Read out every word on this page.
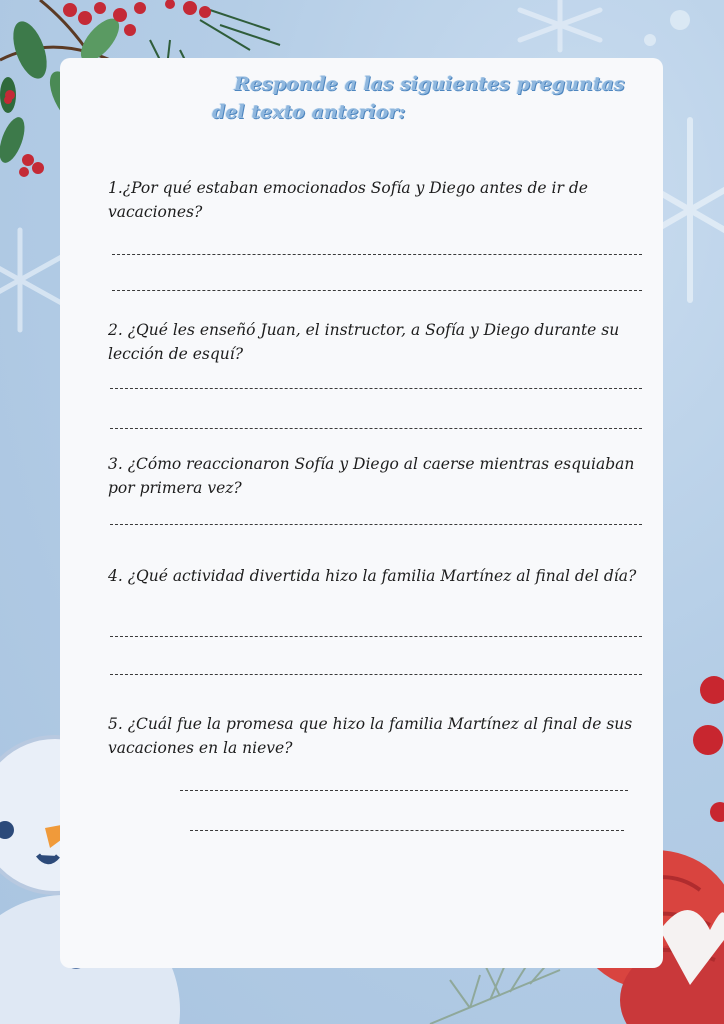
Responde a las siguientes preguntas
del texto anterior:
1.¿Por qué estaban emocionados Sofía y Diego antes de ir de vacaciones?
2. ¿Qué les enseñó Juan, el instructor, a Sofía y Diego durante su lección de esquí?
3. ¿Cómo reaccionaron Sofía y Diego al caerse mientras esquiaban por primera vez?
4. ¿Qué actividad divertida hizo la familia Martínez al final del día?
5. ¿Cuál fue la promesa que hizo la familia Martínez al final de sus vacaciones en la nieve?
